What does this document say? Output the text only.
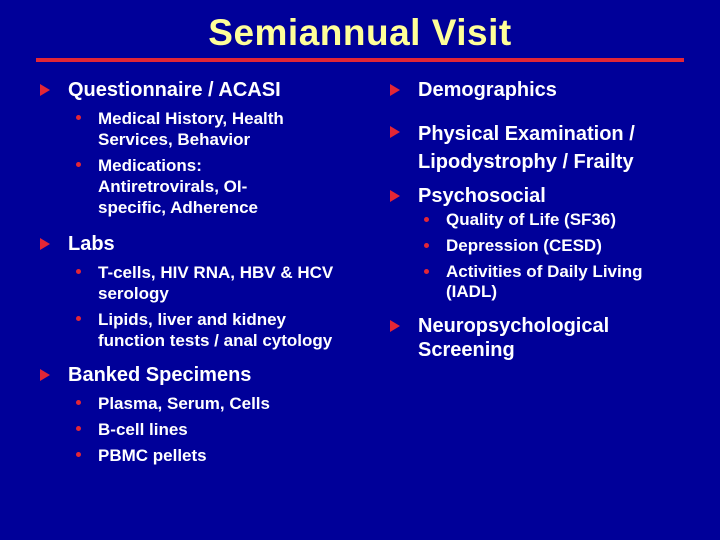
Semiannual Visit
Questionnaire / ACASI
Medical History, Health Services, Behavior
Medications: Antiretrovirals, OI-specific, Adherence
Labs
T-cells, HIV RNA, HBV & HCV serology
Lipids, liver and kidney function tests / anal cytology
Banked Specimens
Plasma, Serum, Cells
B-cell lines
PBMC pellets
Demographics
Physical Examination / Lipodystrophy / Frailty
Psychosocial
Quality of Life (SF36)
Depression (CESD)
Activities of Daily Living (IADL)
Neuropsychological Screening
